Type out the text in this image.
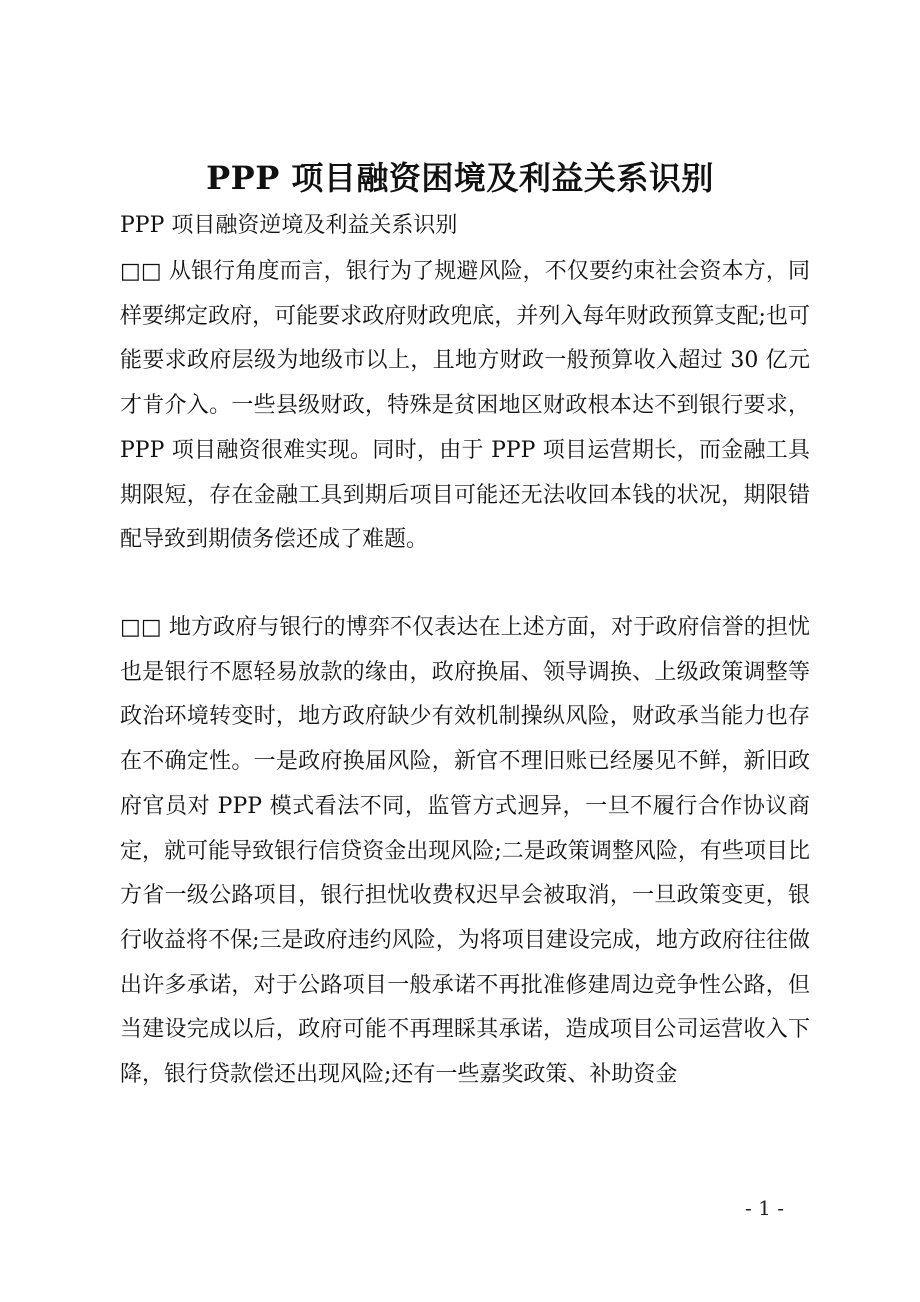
PPP 项目融资困境及利益关系识别
PPP 项目融资逆境及利益关系识别

□□ 从银行角度而言，银行为了规避风险，不仅要约束社会资本方，同样要绑定政府，可能要求政府财政兜底，并列入每年财政预算支配;也可能要求政府层级为地级市以上，且地方财政一般预算收入超过 30 亿元才肯介入。一些县级财政，特殊是贫困地区财政根本达不到银行要求，PPP 项目融资很难实现。同时，由于 PPP 项目运营期长，而金融工具期限短，存在金融工具到期后项目可能还无法收回本钱的状况，期限错配导致到期债务偿还成了难题。

□□ 地方政府与银行的博弈不仅表达在上述方面，对于政府信誉的担忧也是银行不愿轻易放款的缘由，政府换届、领导调换、上级政策调整等政治环境转变时，地方政府缺少有效机制操纵风险，财政承当能力也存在不确定性。一是政府换届风险，新官不理旧账已经屡见不鲜，新旧政府官员对 PPP 模式看法不同，监管方式迥异，一旦不履行合作协议商定，就可能导致银行信贷资金出现风险;二是政策调整风险，有些项目比方省一级公路项目，银行担忧收费权迟早会被取消，一旦政策变更，银行收益将不保;三是政府违约风险，为将项目建设完成，地方政府往往做出许多承诺，对于公路项目一般承诺不再批准修建周边竞争性公路，但当建设完成以后，政府可能不再理睬其承诺，造成项目公司运营收入下降，银行贷款偿还出现风险;还有一些嘉奖政策、补助资金

- 1 -
